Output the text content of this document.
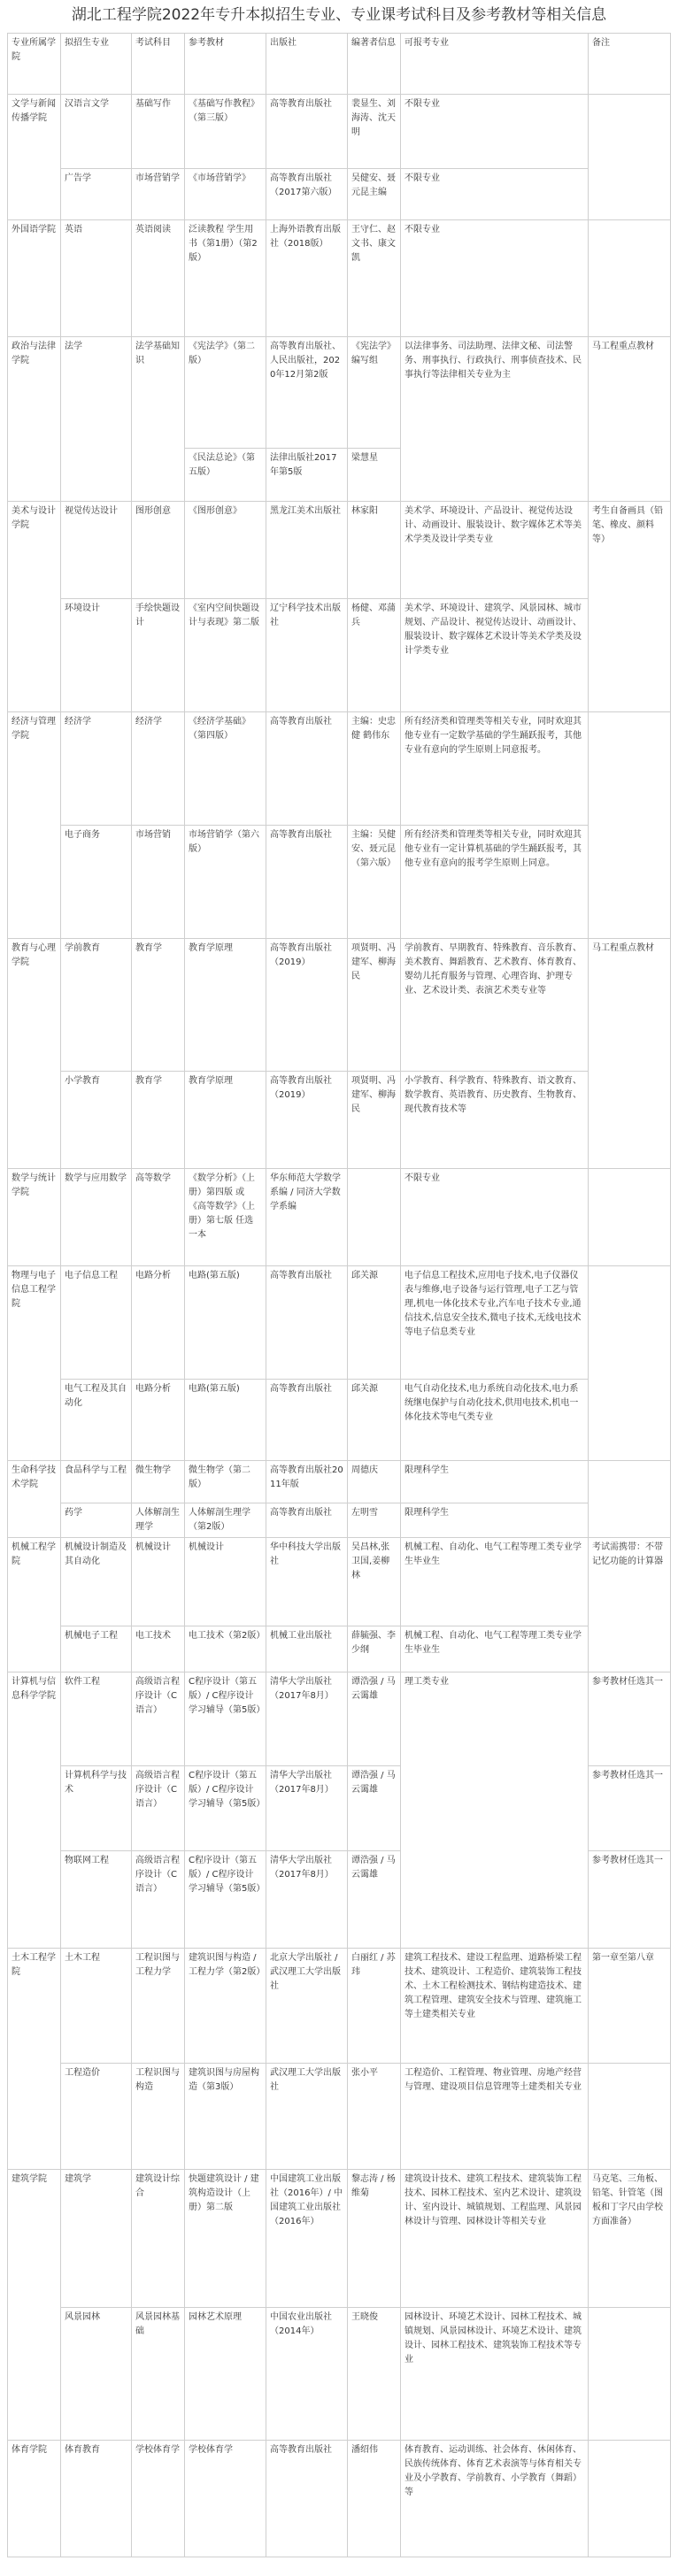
湖北工程学院2022年专升本拟招生专业、专业课考试科目及参考教材等相关信息
专业所属学院	拟招生专业	考试科目	参考教材	出版社	编著者信息	可报考专业	备注
文学与新闻传播学院	汉语言文学	基础写作	《基础写作教程》（第三版）	高等教育出版社	裴显生、刘海涛、沈天明	不限专业	
	广告学	市场营销学	《市场营销学》	高等教育出版社（2017第六版）	吴健安、聂元昆主编	不限专业	
外国语学院	英语	英语阅读	泛读教程 学生用书（第1册）（第2版）	上海外语教育出版社（2018版）	王守仁、赵文书、康文凯	不限专业	
政治与法律学院	法学	法学基础知识	《宪法学》（第二版）	高等教育出版社、人民出版社，2020年12月第2版	《宪法学》编写组	以法律事务、司法助理、法律文秘、司法警务、刑事执行、行政执行、刑事侦查技术、民事执行等法律相关专业为主	马工程重点教材
			《民法总论》（第五版）	法律出版社2017年第5版	梁慧星		
美术与设计学院	视觉传达设计	图形创意	《图形创意》	黑龙江美术出版社	林家阳	美术学、环境设计、产品设计、视觉传达设计、动画设计、服装设计、数字媒体艺术等美术学类及设计学类专业	考生自备画具（铅笔、橡皮、颜料等）
	环境设计	手绘快题设计	《室内空间快题设计与表现》第二版	辽宁科学技术出版社	杨健、邓蒲兵	美术学、环境设计、建筑学、风景园林、城市规划、产品设计、视觉传达设计、动画设计、服装设计、数字媒体艺术设计等美术学类及设计学类专业	
经济与管理学院	经济学	经济学	《经济学基础》（第四版）	高等教育出版社	主编：史忠健 鹤伟东	所有经济类和管理类等相关专业，同时欢迎其他专业有一定数学基础的学生踊跃报考，其他专业有意向的学生原则上同意报考。	
	电子商务	市场营销	市场营销学（第六版）	高等教育出版社	主编：吴健安、聂元昆（第六版）	所有经济类和管理类等相关专业，同时欢迎其他专业有一定计算机基础的学生踊跃报考，其他专业有意向的报考学生原则上同意。	
教育与心理学院	学前教育	教育学	教育学原理	高等教育出版社（2019）	项贤明、冯建军、柳海民	学前教育、早期教育、特殊教育、音乐教育、美术教育、舞蹈教育、艺术教育、体育教育、婴幼儿托育服务与管理、心理咨询、护理专业、艺术设计类、表演艺术类专业等	马工程重点教材
	小学教育	教育学	教育学原理	高等教育出版社（2019）	项贤明、冯建军、柳海民	小学教育、科学教育、特殊教育、语文教育、数学教育、英语教育、历史教育、生物教育、现代教育技术等	
数学与统计学院	数学与应用数学	高等数学	《数学分析》（上册）第四版 或《高等数学》（上册）第七版 任选一本	华东师范大学数学系编 / 同济大学数学系编		不限专业	
物理与电子信息工程学院	电子信息工程	电路分析	电路(第五版)	高等教育出版社	邱关源	电子信息工程技术,应用电子技术,电子仪器仪表与维修,电子设备与运行管理,电子工艺与管理,机电一体化技术专业,汽车电子技术专业,通信技术,信息安全技术,微电子技术,无线电技术等电子信息类专业	
	电气工程及其自动化	电路分析	电路(第五版)	高等教育出版社	邱关源	电气自动化技术,电力系统自动化技术,电力系统继电保护与自动化技术,供用电技术,机电一体化技术等电气类专业	
生命科学技术学院	食品科学与工程	微生物学	微生物学（第二版）	高等教育出版社2011年版	周德庆	限理科学生	
	药学	人体解剖生理学	人体解剖生理学（第2版）	高等教育出版社	左明雪	限理科学生	
机械工程学院	机械设计制造及其自动化	机械设计	机械设计	华中科技大学出版社	吴昌林,张卫国,姜柳林	机械工程、自动化、电气工程等理工类专业学生毕业生	考试需携带：不带记忆功能的计算器
	机械电子工程	电工技术	电工技术（第2版）	机械工业出版社	薛毓强、李少纲	机械工程、自动化、电气工程等理工类专业学生毕业生	
计算机与信息科学学院	软件工程	高级语言程序设计（C语言）	C程序设计（第五版）/ C程序设计学习辅导（第5版）	清华大学出版社（2017年8月）	谭浩强 / 马云霭雄	理工类专业	参考教材任选其一
	计算机科学与技术	高级语言程序设计（C语言）	C程序设计（第五版）/ C程序设计学习辅导（第5版）	清华大学出版社（2017年8月）	谭浩强 / 马云霭雄		参考教材任选其一
	物联网工程	高级语言程序设计（C语言）	C程序设计（第五版）/ C程序设计学习辅导（第5版）	清华大学出版社（2017年8月）	谭浩强 / 马云霭雄		参考教材任选其一
土木工程学院	土木工程	工程识图与工程力学	建筑识图与构造 / 工程力学（第2版）	北京大学出版社 / 武汉理工大学出版社	白丽红 / 苏玮	建筑工程技术、建设工程监理、道路桥梁工程技术、建筑设计、工程造价、建筑装饰工程技术、土木工程检测技术、钢结构建造技术、建筑工程管理、建筑安全技术与管理、建筑施工等土建类相关专业	第一章至第八章
	工程造价	工程识图与构造	建筑识图与房屋构造（第3版）	武汉理工大学出版社	张小平	工程造价、工程管理、物业管理、房地产经营与管理、建设项目信息管理等土建类相关专业	
建筑学院	建筑学	建筑设计综合	快题建筑设计 / 建筑构造设计（上册）第二版	中国建筑工业出版社（2016年）/ 中国建筑工业出版社（2016年）	黎志涛 / 杨维菊	建筑设计技术、建筑工程技术、建筑装饰工程技术、园林工程技术、室内艺术设计、建筑设计、室内设计、城镇规划、工程监理、风景园林设计与管理、园林设计等相关专业	马克笔、三角板、铅笔、针管笔（图板和丁字尺由学校方面准备）
	风景园林	风景园林基础	园林艺术原理	中国农业出版社（2014年）	王晓俊	园林设计、环境艺术设计、园林工程技术、城镇规划、风景园林设计、环境艺术设计、建筑设计、园林工程技术、建筑装饰工程技术等专业	
体育学院	体育教育	学校体育学	学校体育学	高等教育出版社	潘绍伟	体育教育、运动训练、社会体育、休闲体育、民族传统体育、体育艺术表演等与体育相关专业及小学教育、学前教育、小学教育（舞蹈）等	
